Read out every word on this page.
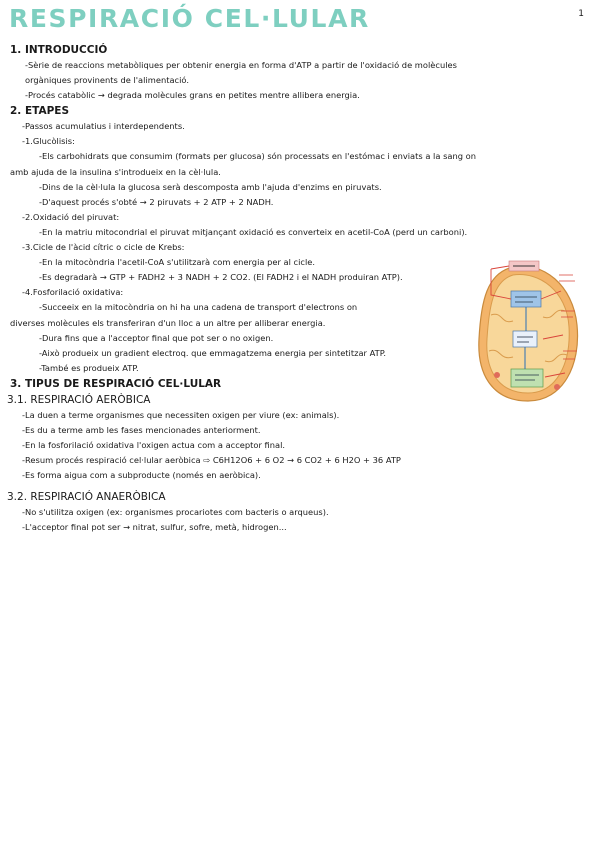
RESPIRACIÓ CEL·LULAR	1

1. INTRODUCCIÓ

-Sèrie de reaccions metabòliques per obtenir energia en forma d'ATP a partir de l'oxidació de molècules

orgàniques provinents de l'alimentació.

-Procés catabòlic → degrada molècules grans en petites mentre allibera energia.

2. ETAPES

-Passos acumulatius i interdependents.

-1.Glucòlisis:

-Els carbohidrats que consumim (formats per glucosa) són processats en l'estómac i enviats a la sang on

amb ajuda de la insulina s'introdueix en la cèl·lula.

-Dins de la cèl·lula la glucosa serà descomposta amb l'ajuda d'enzims en piruvats.

-D'aquest procés s'obté → 2 piruvats + 2 ATP + 2 NADH.

-2.Oxidació del piruvat:

-En la matriu mitocondrial el piruvat mitjançant oxidació es converteix en acetil-CoA (perd un carboni).

-3.Cicle de l'àcid cítric o cicle de Krebs:

-En la mitocòndria l'acetil-CoA s'utilitzarà com energia per al cicle.

-Es degradarà → GTP + FADH2 + 3 NADH + 2 CO2. (El FADH2 i el NADH produiran ATP).

-4.Fosforilació oxidativa:

-Succeeix en la mitocòndria on hi ha una cadena de transport d'electrons on

diverses molècules els transferiran d'un lloc a un altre per alliberar energia.

-Dura fins que a l'acceptor final que pot ser o no oxigen.

-Això produeix un gradient electroq. que emmagatzema energia per sintetitzar ATP.

-També es produeix ATP.

3. TIPUS DE RESPIRACIÓ CEL·LULAR

3.1. RESPIRACIÓ AERÒBICA

-La duen a terme organismes que necessiten oxigen per viure (ex: animals).

-Es du a terme amb les fases mencionades anteriorment.

-En la fosforilació oxidativa l'oxigen actua com a acceptor final.

-Resum procés respiració cel·lular aeròbica ⇨ C6H12O6 + 6 O2 → 6 CO2 + 6 H2O + 36 ATP

-Es forma aigua com a subproducte (només en aeròbica).

3.2. RESPIRACIÓ ANAERÒBICA

-No s'utilitza oxigen (ex: organismes procariotes com bacteris o arqueus).

-L'acceptor final pot ser → nitrat, sulfur, sofre, metà, hidrogen...
